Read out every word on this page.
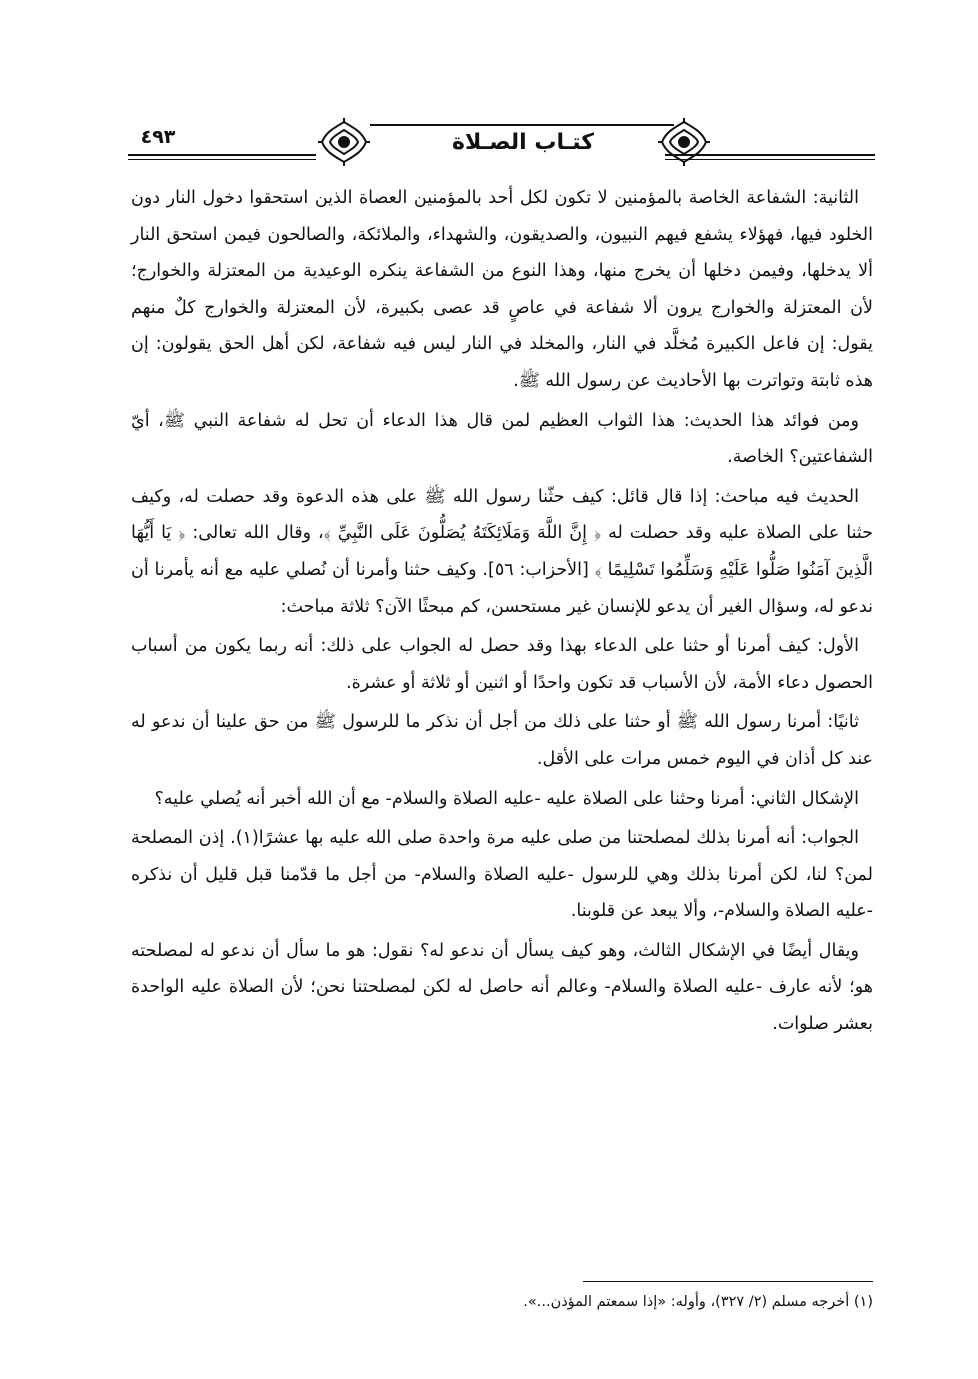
٤٩٣	كتـاب الصـلاة

الثانية: الشفاعة الخاصة بالمؤمنين لا تكون لكل أحد بالمؤمنين العصاة الذين استحقوا دخول النار دون الخلود فيها، فهؤلاء يشفع فيهم النبيون، والصديقون، والشهداء، والملائكة، والصالحون فيمن استحق النار ألا يدخلها، وفيمن دخلها أن يخرج منها، وهذا النوع من الشفاعة ينكره الوعيدية من المعتزلة والخوارج؛ لأن المعتزلة والخوارج يرون ألا شفاعة في عاصٍ قد عصى بكبيرة، لأن المعتزلة والخوارج كلٌ منهم يقول: إن فاعل الكبيرة مُخلَّد في النار، والمخلد في النار ليس فيه شفاعة، لكن أهل الحق يقولون: إن هذه ثابتة وتواترت بها الأحاديث عن رسول الله ﷺ.

ومن فوائد هذا الحديث: هذا الثواب العظيم لمن قال هذا الدعاء أن تحل له شفاعة النبي ﷺ، أيّ الشفاعتين؟ الخاصة.

الحديث فيه مباحث: إذا قال قائل: كيف حثّنا رسول الله ﷺ على هذه الدعوة وقد حصلت له، وكيف حثنا على الصلاة عليه وقد حصلت له ﴿ إِنَّ اللَّهَ وَمَلَائِكَتَهُ يُصَلُّونَ عَلَى النَّبِيِّ ﴾، وقال الله تعالى: ﴿ يَا أَيُّهَا الَّذِينَ آمَنُوا صَلُّوا عَلَيْهِ وَسَلِّمُوا تَسْلِيمًا ﴾ [الأحزاب: ٥٦]. وكيف حثنا وأمرنا أن نُصلي عليه مع أنه يأمرنا أن ندعو له، وسؤال الغير أن يدعو للإنسان غير مستحسن، كم مبحثًا الآن؟ ثلاثة مباحث:

الأول: كيف أمرنا أو حثنا على الدعاء بهذا وقد حصل له الجواب على ذلك: أنه ربما يكون من أسباب الحصول دعاء الأمة، لأن الأسباب قد تكون واحدًا أو اثنين أو ثلاثة أو عشرة.

ثانيًا: أمرنا رسول الله ﷺ أو حثنا على ذلك من أجل أن نذكر ما للرسول ﷺ من حق علينا أن ندعو له عند كل أذان في اليوم خمس مرات على الأقل.

الإشكال الثاني: أمرنا وحثنا على الصلاة عليه -عليه الصلاة والسلام- مع أن الله أخبر أنه يُصلي عليه؟

الجواب: أنه أمرنا بذلك لمصلحتنا من صلى عليه مرة واحدة صلى الله عليه بها عشرًا(١). إذن المصلحة لمن؟ لنا، لكن أمرنا بذلك وهي للرسول -عليه الصلاة والسلام- من أجل ما قدّمنا قبل قليل أن نذكره -عليه الصلاة والسلام-، وألا يبعد عن قلوبنا.

ويقال أيضًا في الإشكال الثالث، وهو كيف يسأل أن ندعو له؟ نقول: هو ما سأل أن ندعو له لمصلحته هو؛ لأنه عارف -عليه الصلاة والسلام- وعالم أنه حاصل له لكن لمصلحتنا نحن؛ لأن الصلاة عليه الواحدة بعشر صلوات.

(١) أخرجه مسلم (٢/ ٣٢٧)، وأوله: «إذا سمعتم المؤذن...».
